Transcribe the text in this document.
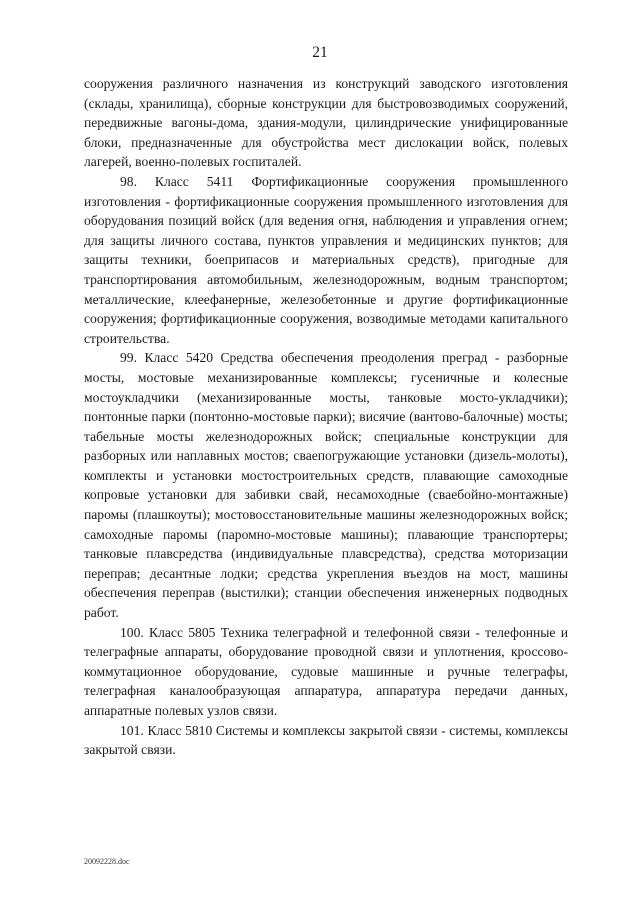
21

сооружения различного назначения из конструкций заводского изготовления (склады, хранилища), сборные конструкции для быстровозводимых сооружений, передвижные вагоны-дома, здания-модули, цилиндрические унифицированные блоки, предназначенные для обустройства мест дислокации войск, полевых лагерей, военно-полевых госпиталей.

98. Класс 5411 Фортификационные сооружения промышленного изготовления - фортификационные сооружения промышленного изготовления для оборудования позиций войск (для ведения огня, наблюдения и управления огнем; для защиты личного состава, пунктов управления и медицинских пунктов; для защиты техники, боеприпасов и материальных средств), пригодные для транспортирования автомобильным, железнодорожным, водным транспортом; металлические, клеефанерные, железобетонные и другие фортификационные сооружения; фортификационные сооружения, возводимые методами капитального строительства.

99. Класс 5420 Средства обеспечения преодоления преград - разборные мосты, мостовые механизированные комплексы; гусеничные и колесные мостоукладчики (механизированные мосты, танковые мосто-укладчики); понтонные парки (понтонно-мостовые парки); висячие (вантово-балочные) мосты; табельные мосты железнодорожных войск; специальные конструкции для разборных или наплавных мостов; сваепогружающие установки (дизель-молоты), комплекты и установки мостостроительных средств, плавающие самоходные копровые установки для забивки свай, несамоходные (сваебойно-монтажные) паромы (плашкоуты); мостовосстановительные машины железнодорожных войск; самоходные паромы (паромно-мостовые машины); плавающие транспортеры; танковые плавсредства (индивидуальные плавсредства), средства моторизации переправ; десантные лодки; средства укрепления въездов на мост, машины обеспечения переправ (выстилки); станции обеспечения инженерных подводных работ.

100. Класс 5805 Техника телеграфной и телефонной связи - телефонные и телеграфные аппараты, оборудование проводной связи и уплотнения, кроссово-коммутационное оборудование, судовые машинные и ручные телеграфы, телеграфная каналообразующая аппаратура, аппаратура передачи данных, аппаратные полевых узлов связи.

101. Класс 5810 Системы и комплексы закрытой связи - системы, комплексы закрытой связи.

20092228.doc
